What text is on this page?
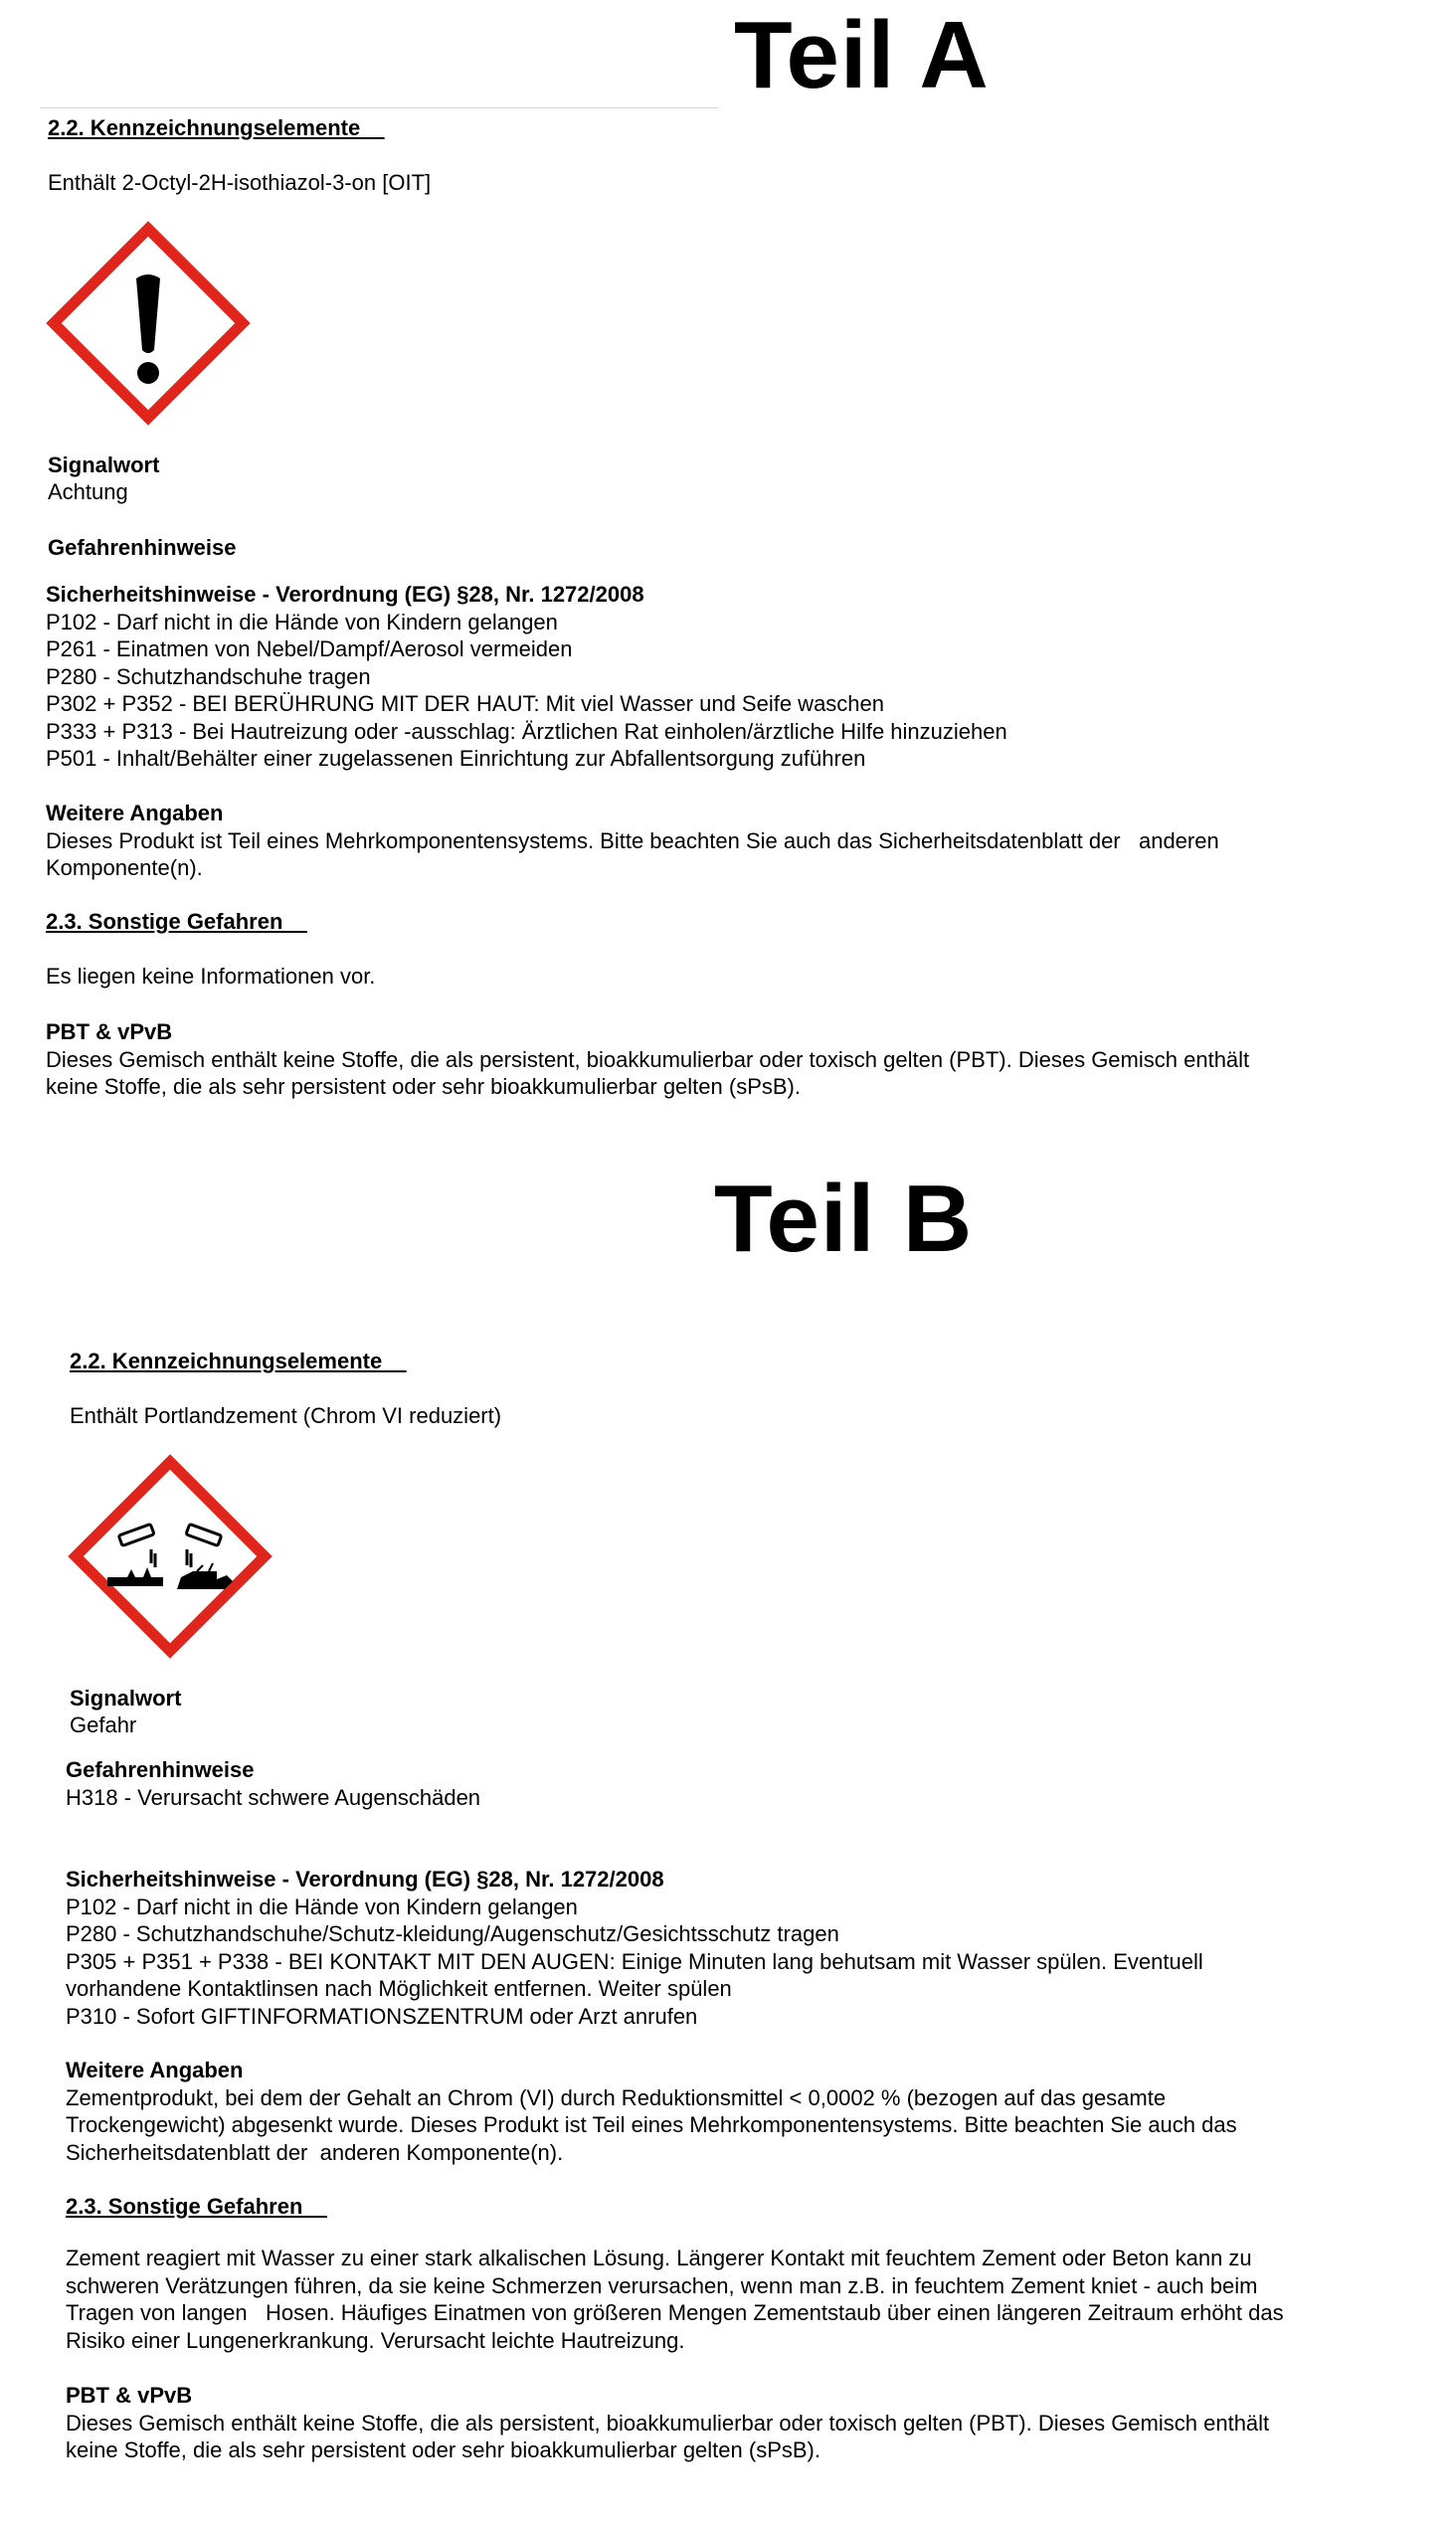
Teil A
2.2. Kennzeichnungselemente
Enthält 2-Octyl-2H-isothiazol-3-on [OIT]
Signalwort
Achtung
Gefahrenhinweise
Sicherheitshinweise - Verordnung (EG) §28, Nr. 1272/2008
P102 - Darf nicht in die Hände von Kindern gelangen
P261 - Einatmen von Nebel/Dampf/Aerosol vermeiden
P280 - Schutzhandschuhe tragen
P302 + P352 - BEI BERÜHRUNG MIT DER HAUT: Mit viel Wasser und Seife waschen
P333 + P313 - Bei Hautreizung oder -ausschlag: Ärztlichen Rat einholen/ärztliche Hilfe hinzuziehen
P501 - Inhalt/Behälter einer zugelassenen Einrichtung zur Abfallentsorgung zuführen
Weitere Angaben
Dieses Produkt ist Teil eines Mehrkomponentensystems. Bitte beachten Sie auch das Sicherheitsdatenblatt der   anderen
Komponente(n).
2.3. Sonstige Gefahren
Es liegen keine Informationen vor.
PBT & vPvB
Dieses Gemisch enthält keine Stoffe, die als persistent, bioakkumulierbar oder toxisch gelten (PBT). Dieses Gemisch enthält
keine Stoffe, die als sehr persistent oder sehr bioakkumulierbar gelten (sPsB).
Teil B
2.2. Kennzeichnungselemente
Enthält Portlandzement (Chrom VI reduziert)
Signalwort
Gefahr
Gefahrenhinweise
H318 - Verursacht schwere Augenschäden
Sicherheitshinweise - Verordnung (EG) §28, Nr. 1272/2008
P102 - Darf nicht in die Hände von Kindern gelangen
P280 - Schutzhandschuhe/Schutz-kleidung/Augenschutz/Gesichtsschutz tragen
P305 + P351 + P338 - BEI KONTAKT MIT DEN AUGEN: Einige Minuten lang behutsam mit Wasser spülen. Eventuell
vorhandene Kontaktlinsen nach Möglichkeit entfernen. Weiter spülen
P310 - Sofort GIFTINFORMATIONSZENTRUM oder Arzt anrufen
Weitere Angaben
Zementprodukt, bei dem der Gehalt an Chrom (VI) durch Reduktionsmittel < 0,0002 % (bezogen auf das gesamte
Trockengewicht) abgesenkt wurde. Dieses Produkt ist Teil eines Mehrkomponentensystems. Bitte beachten Sie auch das
Sicherheitsdatenblatt der  anderen Komponente(n).
2.3. Sonstige Gefahren
Zement reagiert mit Wasser zu einer stark alkalischen Lösung. Längerer Kontakt mit feuchtem Zement oder Beton kann zu
schweren Verätzungen führen, da sie keine Schmerzen verursachen, wenn man z.B. in feuchtem Zement kniet - auch beim
Tragen von langen   Hosen. Häufiges Einatmen von größeren Mengen Zementstaub über einen längeren Zeitraum erhöht das
Risiko einer Lungenerkrankung. Verursacht leichte Hautreizung.
PBT & vPvB
Dieses Gemisch enthält keine Stoffe, die als persistent, bioakkumulierbar oder toxisch gelten (PBT). Dieses Gemisch enthält
keine Stoffe, die als sehr persistent oder sehr bioakkumulierbar gelten (sPsB).
